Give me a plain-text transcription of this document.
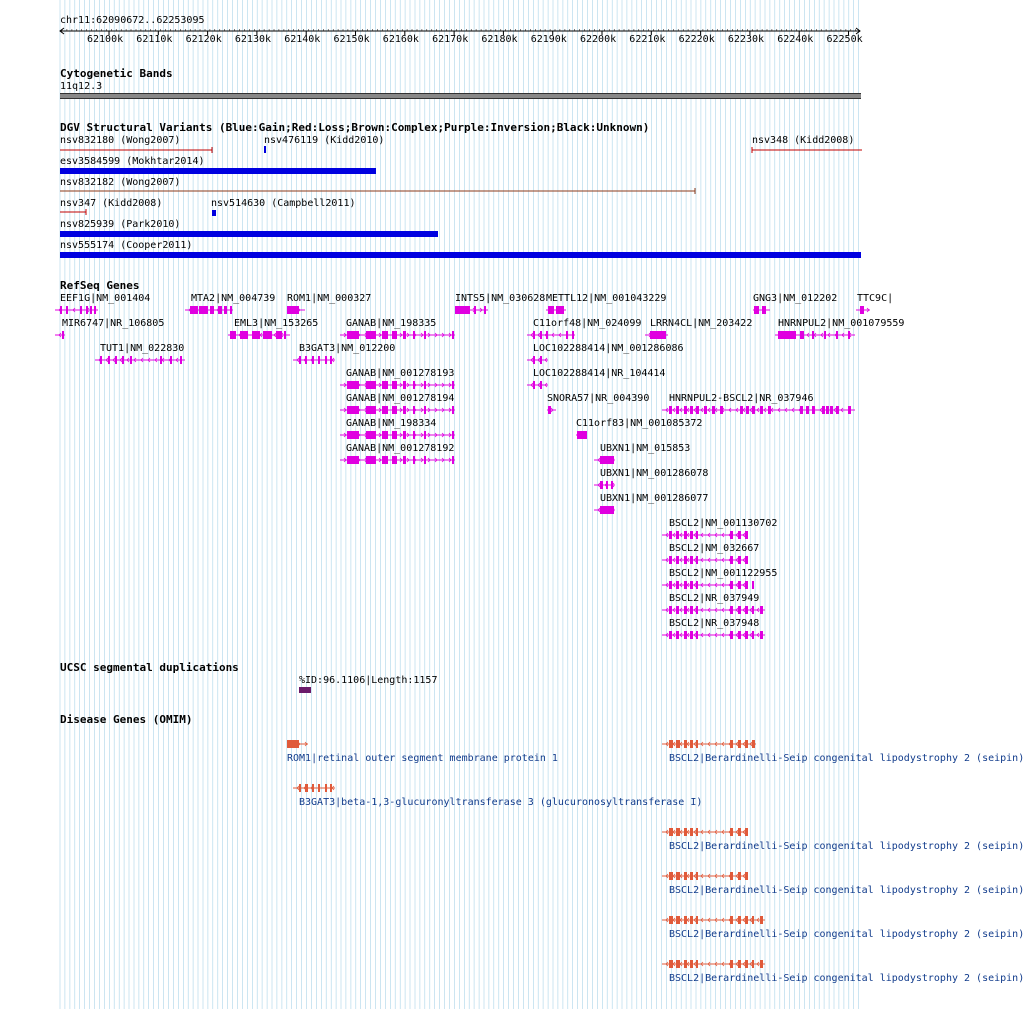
chr11:62090672..62253095
62100k 62110k 62120k 62130k 62140k 62150k 62160k 62170k 62180k 62190k 62200k 62210k 62220k 62230k 62240k 62250k
Cytogenetic Bands
11q12.3
DGV Structural Variants (Blue:Gain;Red:Loss;Brown:Complex;Purple:Inversion;Black:Unknown)
nsv832180 (Wong2007)	nsv476119 (Kidd2010)	nsv348 (Kidd2008)
esv3584599 (Mokhtar2014)
nsv832182 (Wong2007)
nsv347 (Kidd2008)	nsv514630 (Campbell2011)
nsv825939 (Park2010)
nsv555174 (Cooper2011)
RefSeq Genes
EEF1G|NM_001404	MTA2|NM_004739 ROM1|NM_000327	INTS5|NM_030628 METTL12|NM_001043229	GNG3|NM_012202 TTC9C|
MIR6747|NR_106805	EML3|NM_153265	GANAB|NM_198335	C11orf48|NM_024099 LRRN4CL|NM_203422	HNRNPUL2|NM_001079559
TUT1|NM_022830	B3GAT3|NM_012200	LOC102288414|NM_001286086
GANAB|NM_001278193	LOC102288414|NR_104414
GANAB|NM_001278194	SNORA57|NR_004390 HNRNPUL2-BSCL2|NR_037946
GANAB|NM_198334	C11orf83|NM_001085372
GANAB|NM_001278192	UBXN1|NM_015853
UBXN1|NM_001286078
UBXN1|NM_001286077
BSCL2|NM_001130702
BSCL2|NM_032667
BSCL2|NM_001122955
BSCL2|NR_037949
BSCL2|NR_037948
UCSC segmental duplications
%ID:96.1106|Length:1157
Disease Genes (OMIM)
ROM1|retinal outer segment membrane protein 1	BSCL2|Berardinelli-Seip congenital lipodystrophy 2 (seipin)
B3GAT3|beta-1,3-glucuronyltransferase 3 (glucuronosyltransferase I)
BSCL2|Berardinelli-Seip congenital lipodystrophy 2 (seipin)
BSCL2|Berardinelli-Seip congenital lipodystrophy 2 (seipin)
BSCL2|Berardinelli-Seip congenital lipodystrophy 2 (seipin)
BSCL2|Berardinelli-Seip congenital lipodystrophy 2 (seipin)
